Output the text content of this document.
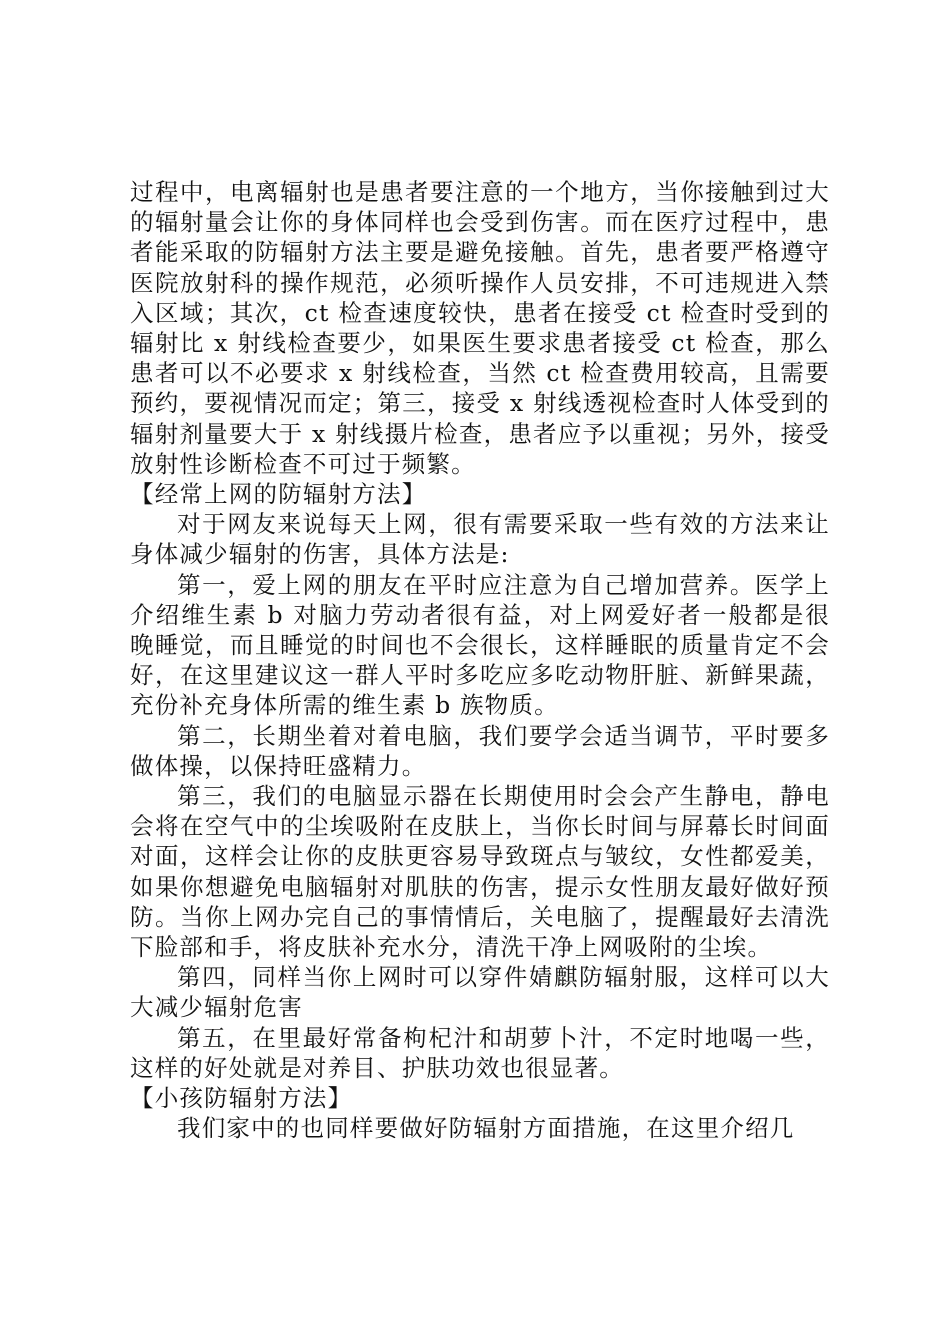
过程中，电离辐射也是患者要注意的一个地方，当你接触到过大的辐射量会让你的身体同样也会受到伤害。而在医疗过程中，患者能采取的防辐射方法主要是避免接触。首先，患者要严格遵守医院放射科的操作规范，必须听操作人员安排，不可违规进入禁入区域；其次，ct 检查速度较快，患者在接受 ct 检查时受到的辐射比 x 射线检查要少，如果医生要求患者接受 ct 检查，那么患者可以不必要求 x 射线检查，当然 ct 检查费用较高，且需要预约，要视情况而定；第三，接受 x 射线透视检查时人体受到的辐射剂量要大于 x 射线摄片检查，患者应予以重视；另外，接受放射性诊断检查不可过于频繁。

【经常上网的防辐射方法】

对于网友来说每天上网，很有需要采取一些有效的方法来让身体减少辐射的伤害，具体方法是:

第一，爱上网的朋友在平时应注意为自己增加营养。医学上介绍维生素 b 对脑力劳动者很有益，对上网爱好者一般都是很晚睡觉，而且睡觉的时间也不会很长，这样睡眠的质量肯定不会好，在这里建议这一群人平时多吃应多吃动物肝脏、新鲜果蔬，充份补充身体所需的维生素 b 族物质。

第二，长期坐着对着电脑，我们要学会适当调节，平时要多做体操，以保持旺盛精力。

第三，我们的电脑显示器在长期使用时会会产生静电，静电会将在空气中的尘埃吸附在皮肤上，当你长时间与屏幕长时间面对面，这样会让你的皮肤更容易导致斑点与皱纹，女性都爱美，如果你想避免电脑辐射对肌肤的伤害，提示女性朋友最好做好预防。当你上网办完自己的事情情后，关电脑了，提醒最好去清洗下脸部和手，将皮肤补充水分，清洗干净上网吸附的尘埃。

第四，同样当你上网时可以穿件婧麒防辐射服，这样可以大大减少辐射危害

第五，在里最好常备枸杞汁和胡萝卜汁，不定时地喝一些，这样的好处就是对养目、护肤功效也很显著。

【小孩防辐射方法】

我们家中的也同样要做好防辐射方面措施，在这里介绍几
